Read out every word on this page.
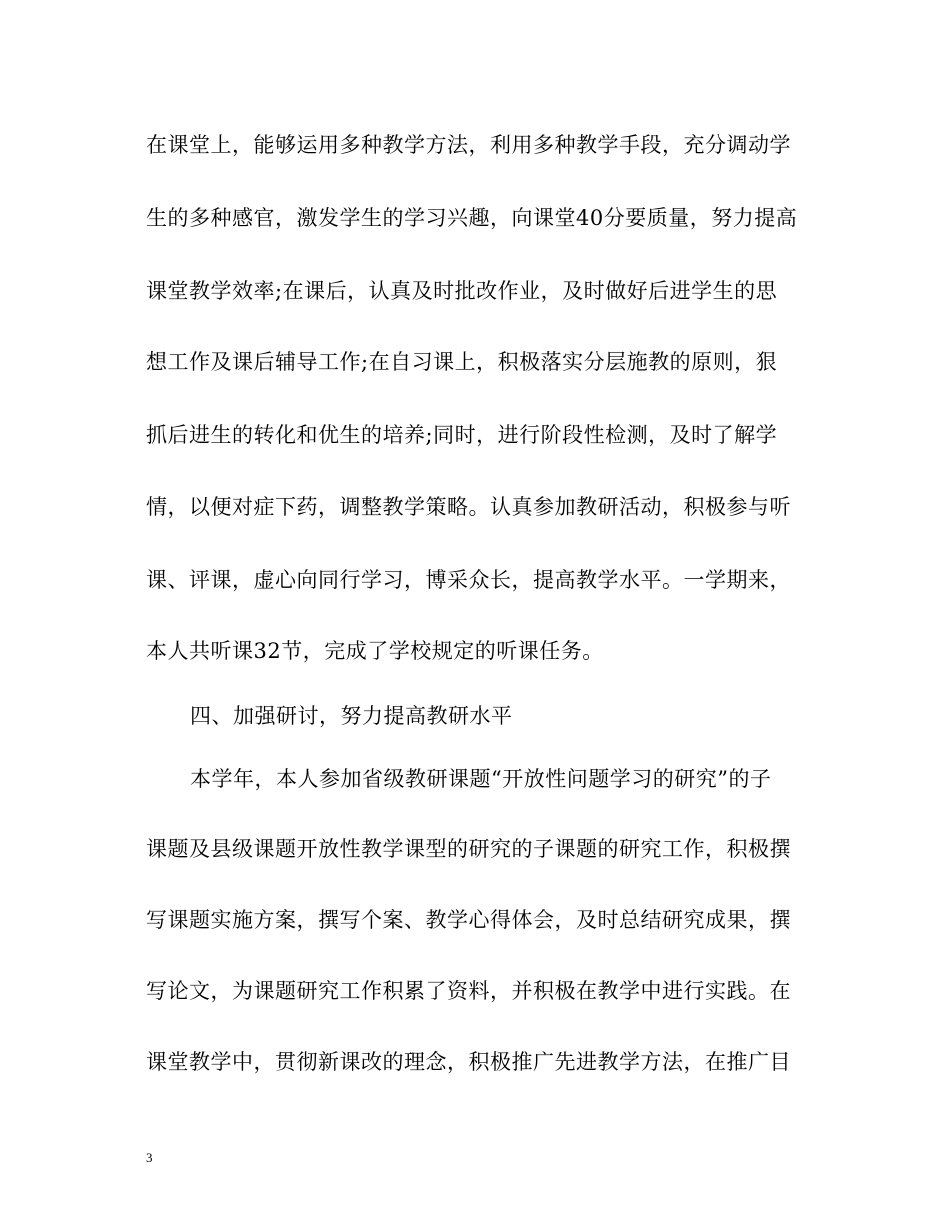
在课堂上，能够运用多种教学方法，利用多种教学手段，充分调动学
生的多种感官，激发学生的学习兴趣，向课堂40分要质量，努力提高
课堂教学效率;在课后，认真及时批改作业，及时做好后进学生的思
想工作及课后辅导工作;在自习课上，积极落实分层施教的原则，狠
抓后进生的转化和优生的培养;同时，进行阶段性检测，及时了解学
情，以便对症下药，调整教学策略。认真参加教研活动，积极参与听
课、评课，虚心向同行学习，博采众长，提高教学水平。一学期来，
本人共听课32节，完成了学校规定的听课任务。
四、加强研讨，努力提高教研水平
本学年，本人参加省级教研课题“开放性问题学习的研究”的子
课题及县级课题开放性教学课型的研究的子课题的研究工作，积极撰
写课题实施方案，撰写个案、教学心得体会，及时总结研究成果，撰
写论文，为课题研究工作积累了资料，并积极在教学中进行实践。在
课堂教学中，贯彻新课改的理念，积极推广先进教学方法，在推广目
3
